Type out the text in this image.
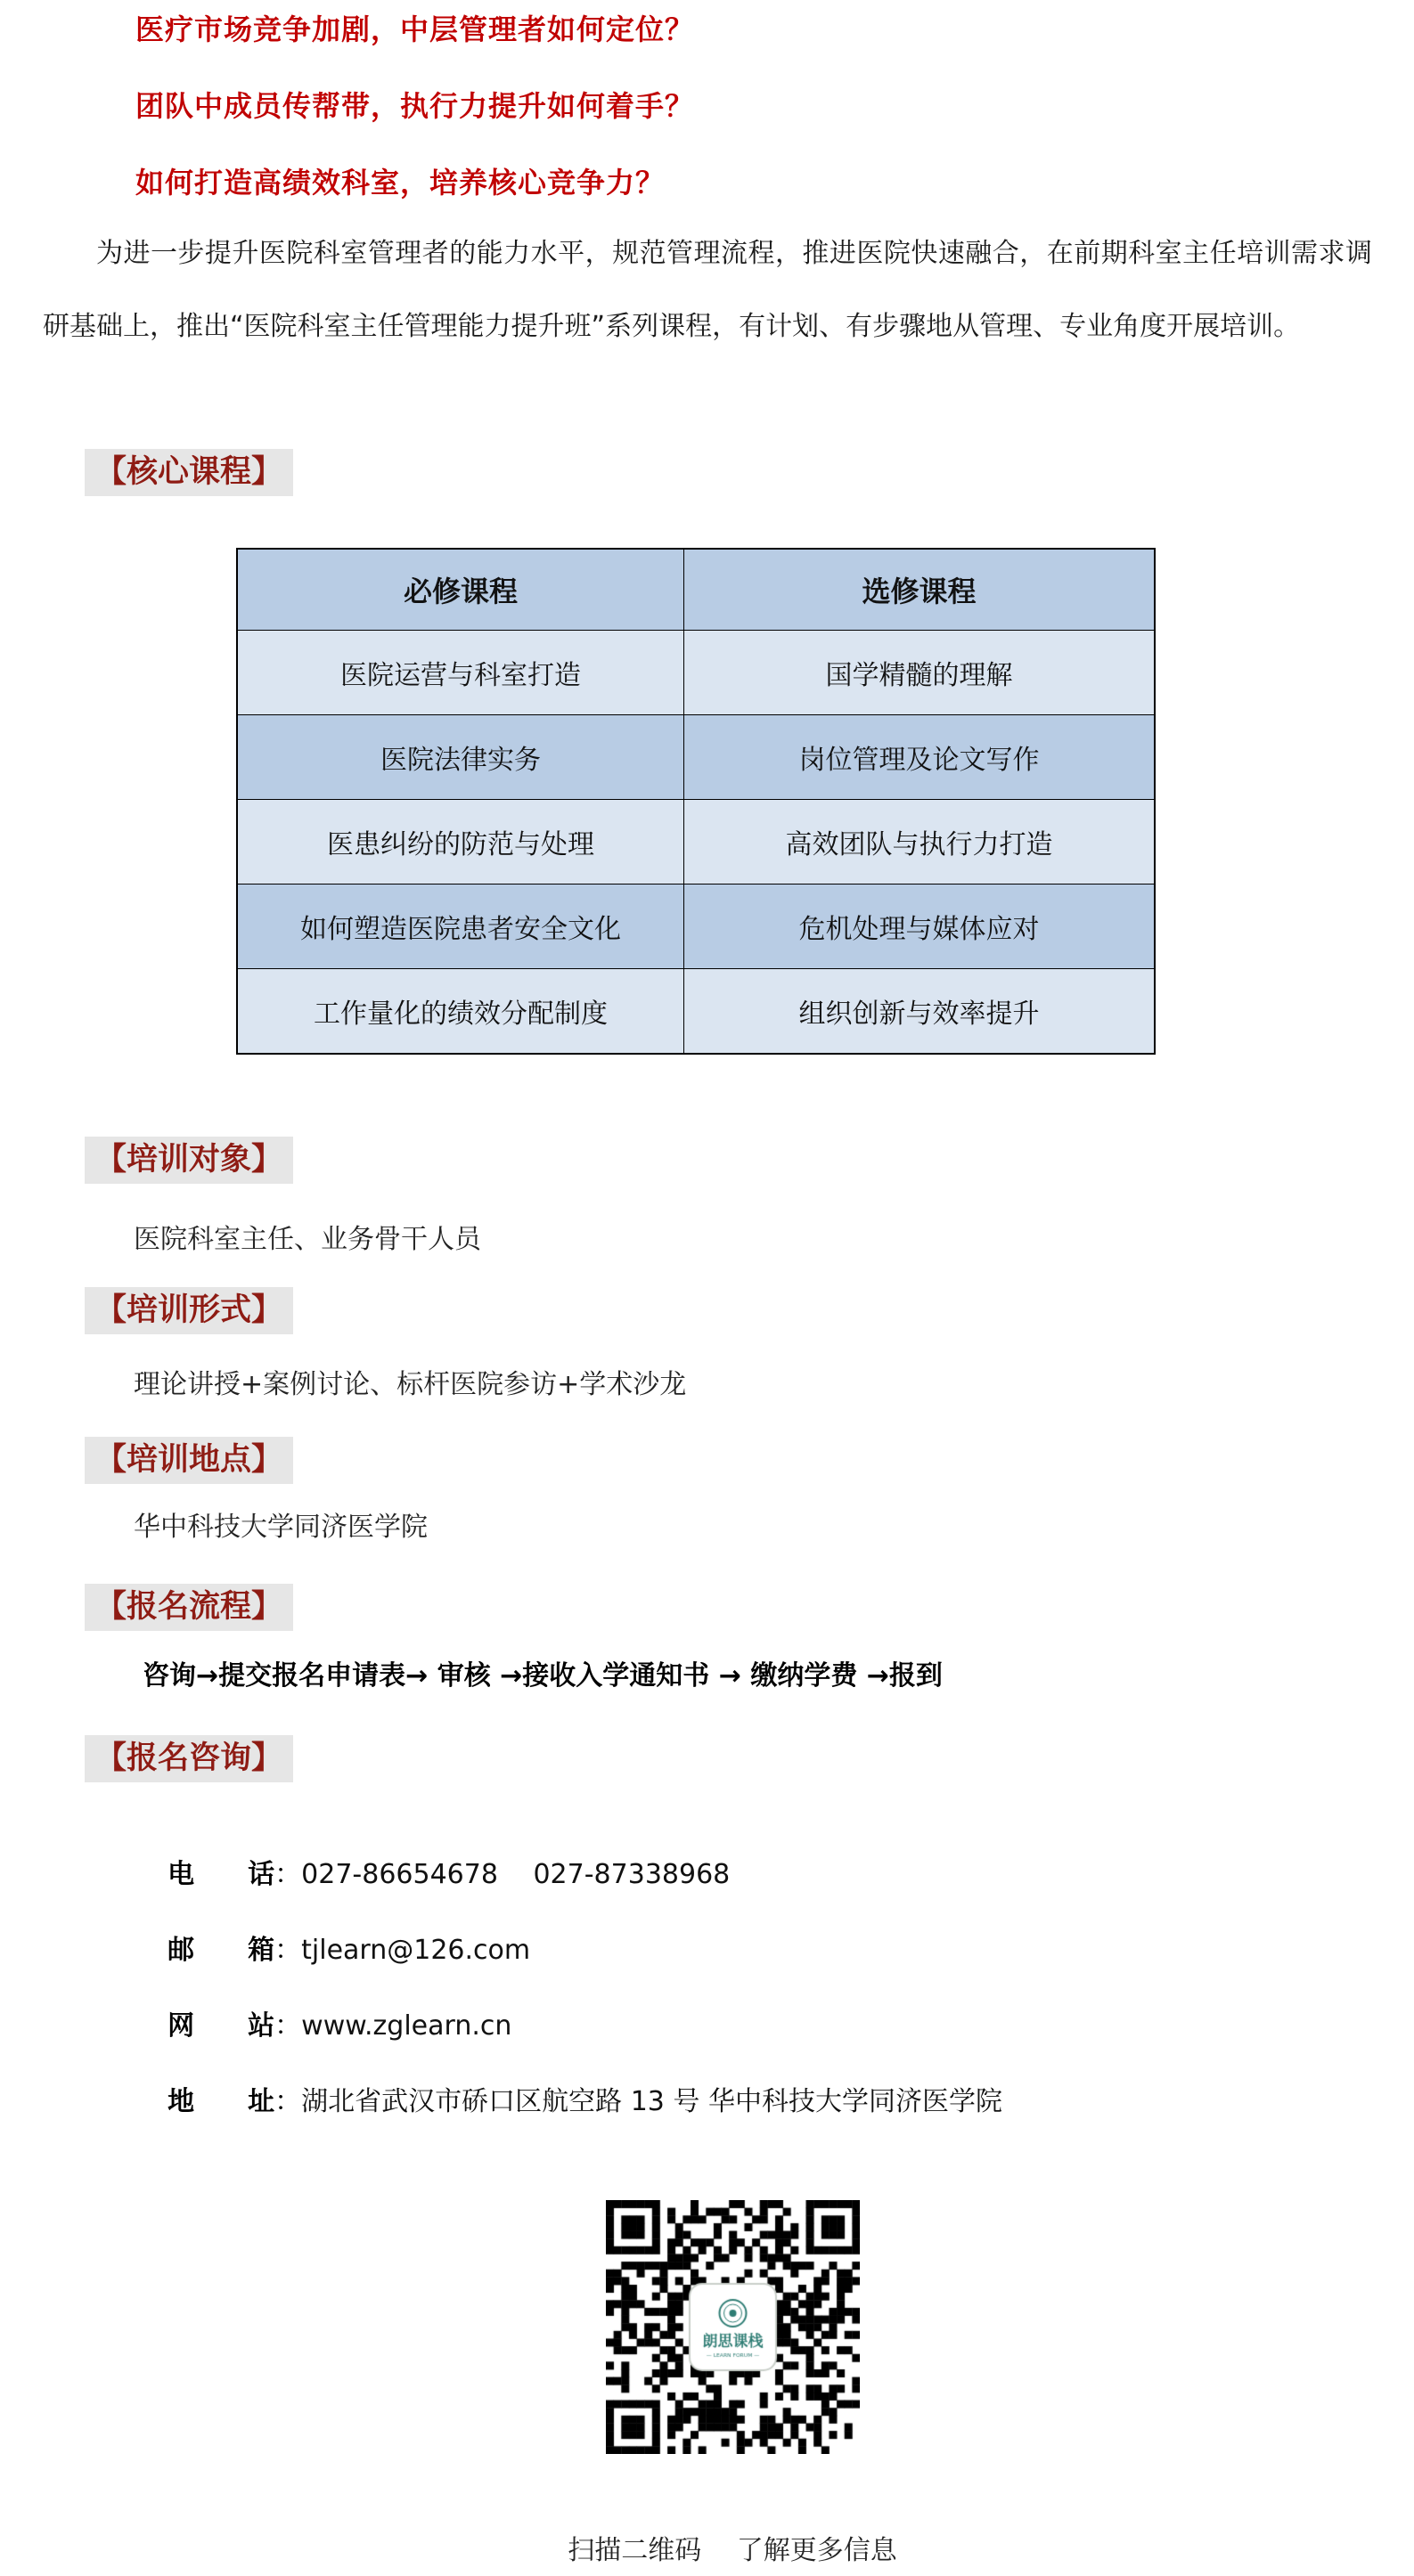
医疗市场竞争加剧，中层管理者如何定位？
团队中成员传帮带，执行力提升如何着手？
如何打造高绩效科室，培养核心竞争力？
为进一步提升医院科室管理者的能力水平，规范管理流程，推进医院快速融合，在前期科室主任培训需求调研基础上，推出“医院科室主任管理能力提升班”系列课程，有计划、有步骤地从管理、专业角度开展培训。
【核心课程】
必修课程	选修课程
医院运营与科室打造	国学精髓的理解
医院法律实务	岗位管理及论文写作
医患纠纷的防范与处理	高效团队与执行力打造
如何塑造医院患者安全文化	危机处理与媒体应对
工作量化的绩效分配制度	组织创新与效率提升
【培训对象】
医院科室主任、业务骨干人员
【培训形式】
理论讲授+案例讨论、标杆医院参访+学术沙龙
【培训地点】
华中科技大学同济医学院
【报名流程】
咨询→提交报名申请表→ 审核 →接收入学通知书 → 缴纳学费 →报到
【报名咨询】

电　　话：027-86654678　 027-87338968

邮　　箱：tjlearn@126.com

网　　站：www.zglearn.cn

地　　址：湖北省武汉市硚口区航空路 13 号 华中科技大学同济医学院

扫描二维码　 了解更多信息
